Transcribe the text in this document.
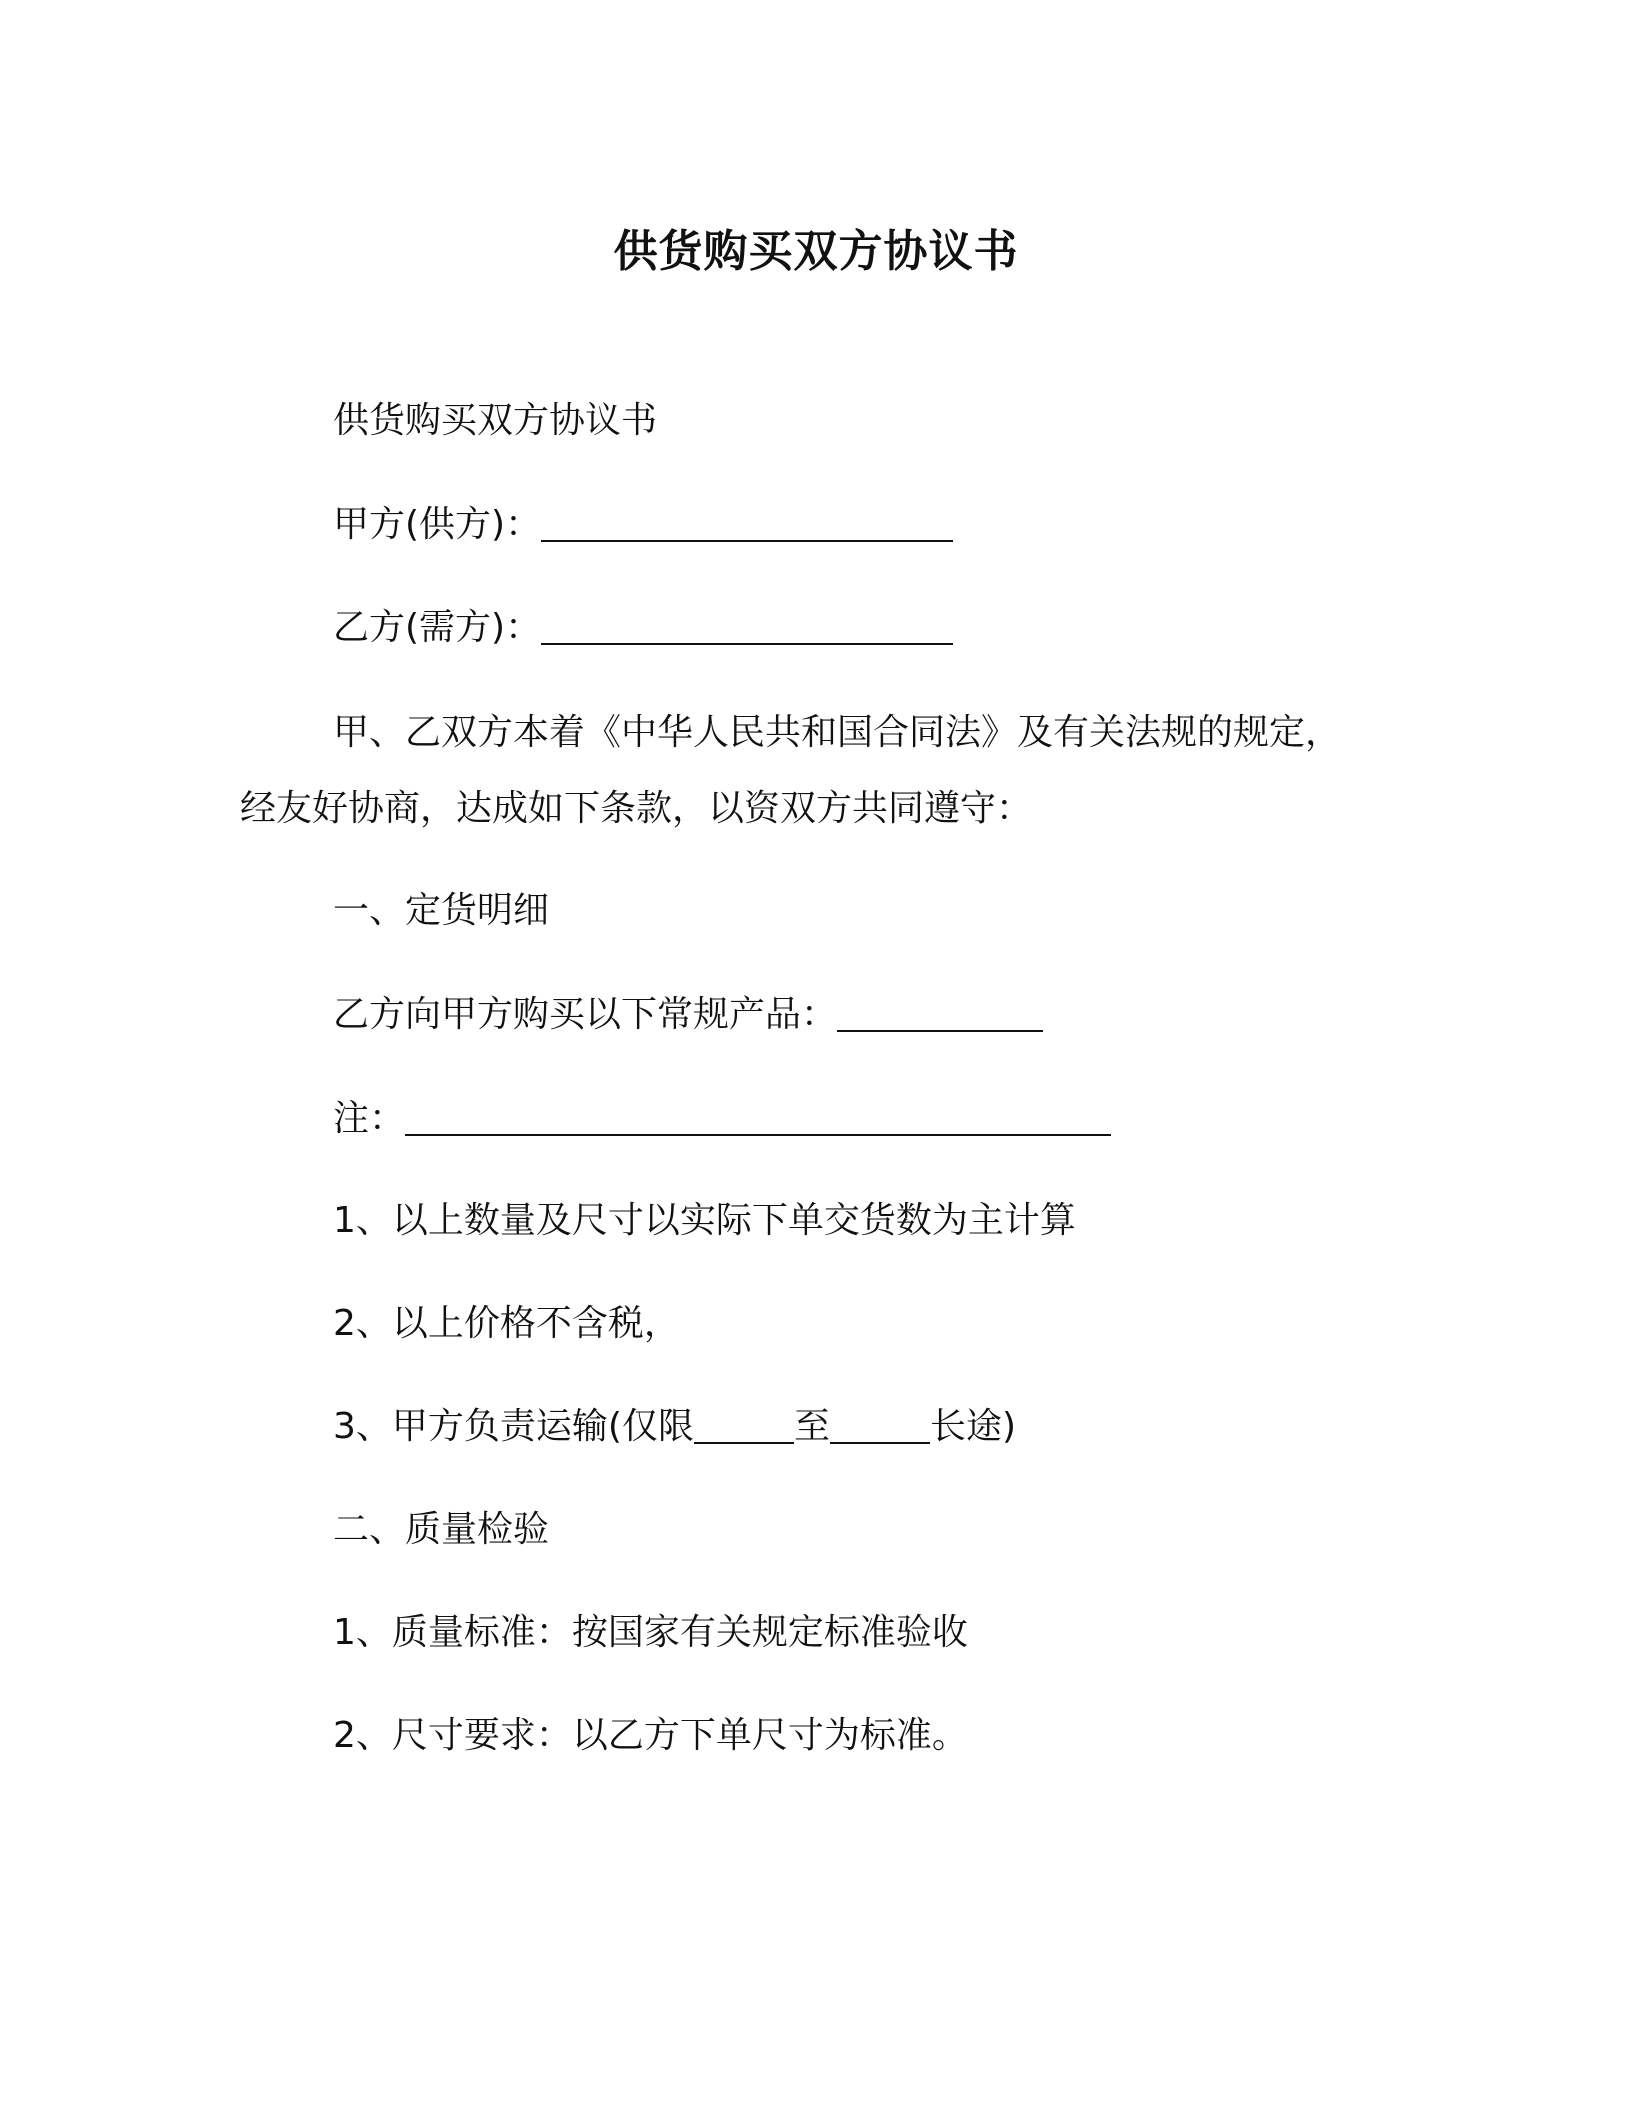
供货购买双方协议书
供货购买双方协议书
甲方(供方)：
乙方(需方)：
甲、乙双方本着《中华人民共和国合同法》及有关法规的规定，
经友好协商，达成如下条款，以资双方共同遵守：
一、定货明细
乙方向甲方购买以下常规产品：
注：
1、以上数量及尺寸以实际下单交货数为主计算
2、以上价格不含税，
3、甲方负责运输(仅限	至	长途)
二、质量检验
1、质量标准：按国家有关规定标准验收
2、尺寸要求：以乙方下单尺寸为标准。
